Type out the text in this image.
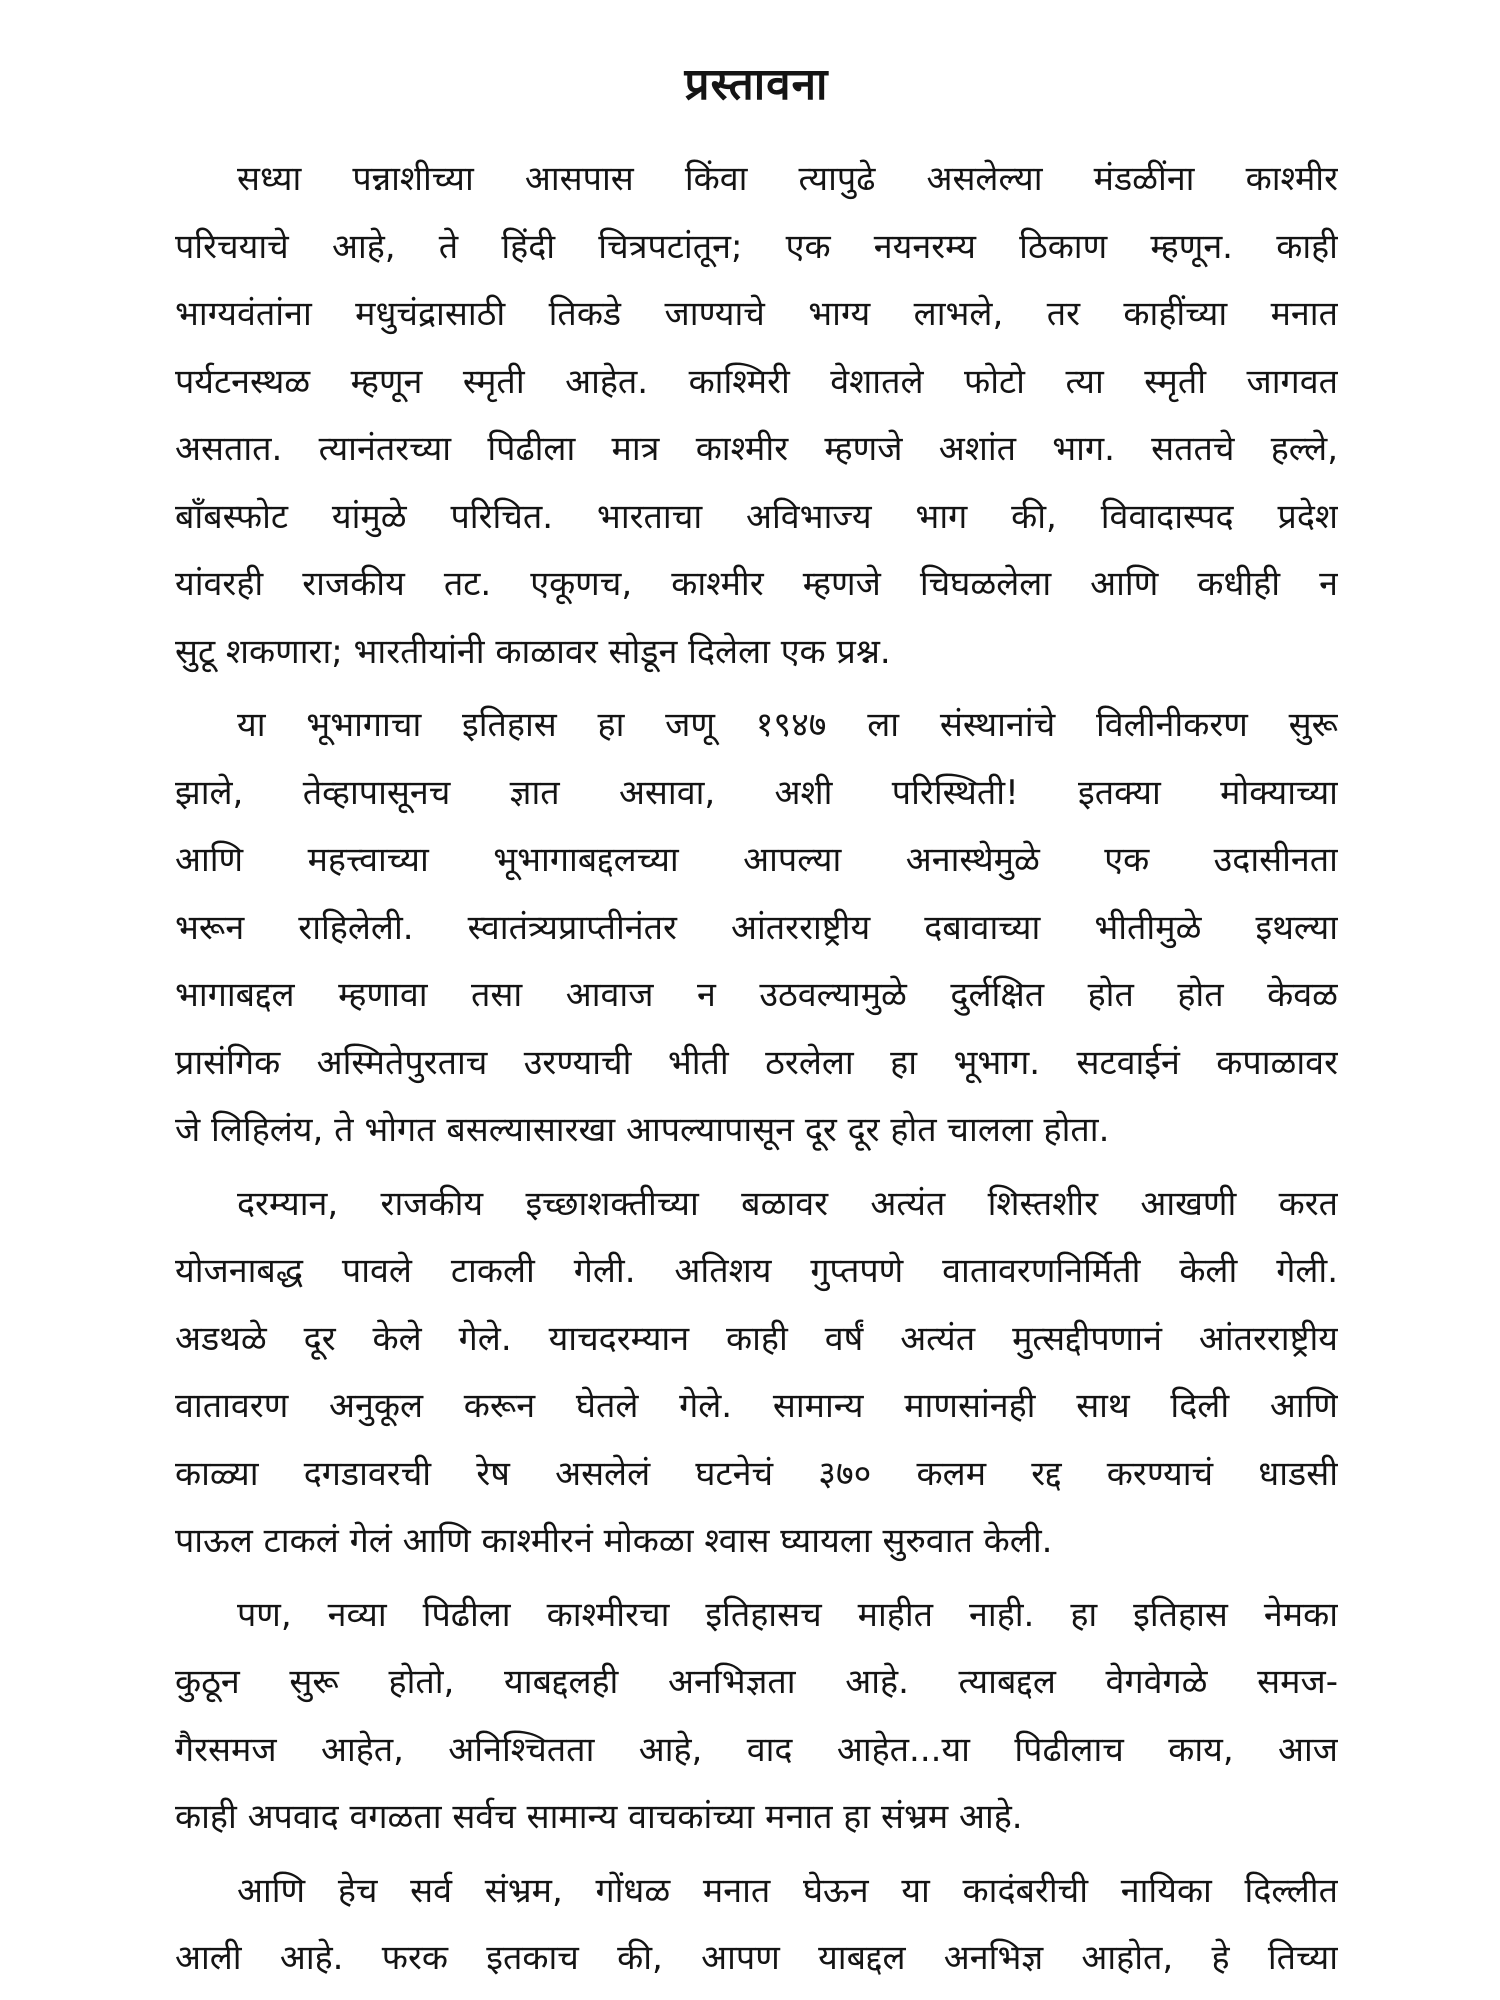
प्रस्तावना
सध्या पन्नाशीच्या आसपास किंवा त्यापुढे असलेल्या मंडळींना काश्मीर
परिचयाचे आहे, ते हिंदी चित्रपटांतून; एक नयनरम्य ठिकाण म्हणून. काही
भाग्यवंतांना मधुचंद्रासाठी तिकडे जाण्याचे भाग्य लाभले, तर काहींच्या मनात
पर्यटनस्थळ म्हणून स्मृती आहेत. काश्मिरी वेशातले फोटो त्या स्मृती जागवत
असतात. त्यानंतरच्या पिढीला मात्र काश्मीर म्हणजे अशांत भाग. सततचे हल्ले,
बॉंबस्फोट यांमुळे परिचित. भारताचा अविभाज्य भाग की, विवादास्पद प्रदेश
यांवरही राजकीय तट. एकूणच, काश्मीर म्हणजे चिघळलेला आणि कधीही न
सुटू शकणारा; भारतीयांनी काळावर सोडून दिलेला एक प्रश्न.
या भूभागाचा इतिहास हा जणू १९४७ ला संस्थानांचे विलीनीकरण सुरू
झाले, तेव्हापासूनच ज्ञात असावा, अशी परिस्थिती! इतक्या मोक्याच्या
आणि महत्त्वाच्या भूभागाबद्दलच्या आपल्या अनास्थेमुळे एक उदासीनता
भरून राहिलेली. स्वातंत्र्यप्राप्तीनंतर आंतरराष्ट्रीय दबावाच्या भीतीमुळे इथल्या
भागाबद्दल म्हणावा तसा आवाज न उठवल्यामुळे दुर्लक्षित होत होत केवळ
प्रासंगिक अस्मितेपुरताच उरण्याची भीती ठरलेला हा भूभाग. सटवाईनं कपाळावर
जे लिहिलंय, ते भोगत बसल्यासारखा आपल्यापासून दूर दूर होत चालला होता.
दरम्यान, राजकीय इच्छाशक्तीच्या बळावर अत्यंत शिस्तशीर आखणी करत
योजनाबद्ध पावले टाकली गेली. अतिशय गुप्तपणे वातावरणनिर्मिती केली गेली.
अडथळे दूर केले गेले. याचदरम्यान काही वर्षं अत्यंत मुत्सद्दीपणानं आंतरराष्ट्रीय
वातावरण अनुकूल करून घेतले गेले. सामान्य माणसांनही साथ दिली आणि
काळ्या दगडावरची रेष असलेलं घटनेचं ३७० कलम रद्द करण्याचं धाडसी
पाऊल टाकलं गेलं आणि काश्मीरनं मोकळा श्वास घ्यायला सुरुवात केली.
पण, नव्या पिढीला काश्मीरचा इतिहासच माहीत नाही. हा इतिहास नेमका
कुठून सुरू होतो, याबद्दलही अनभिज्ञता आहे. त्याबद्दल वेगवेगळे समज-
गैरसमज आहेत, अनिश्चितता आहे, वाद आहेत...या पिढीलाच काय, आज
काही अपवाद वगळता सर्वच सामान्य वाचकांच्या मनात हा संभ्रम आहे.
आणि हेच सर्व संभ्रम, गोंधळ मनात घेऊन या कादंबरीची नायिका दिल्लीत
आली आहे. फरक इतकाच की, आपण याबद्दल अनभिज्ञ आहोत, हे तिच्या
